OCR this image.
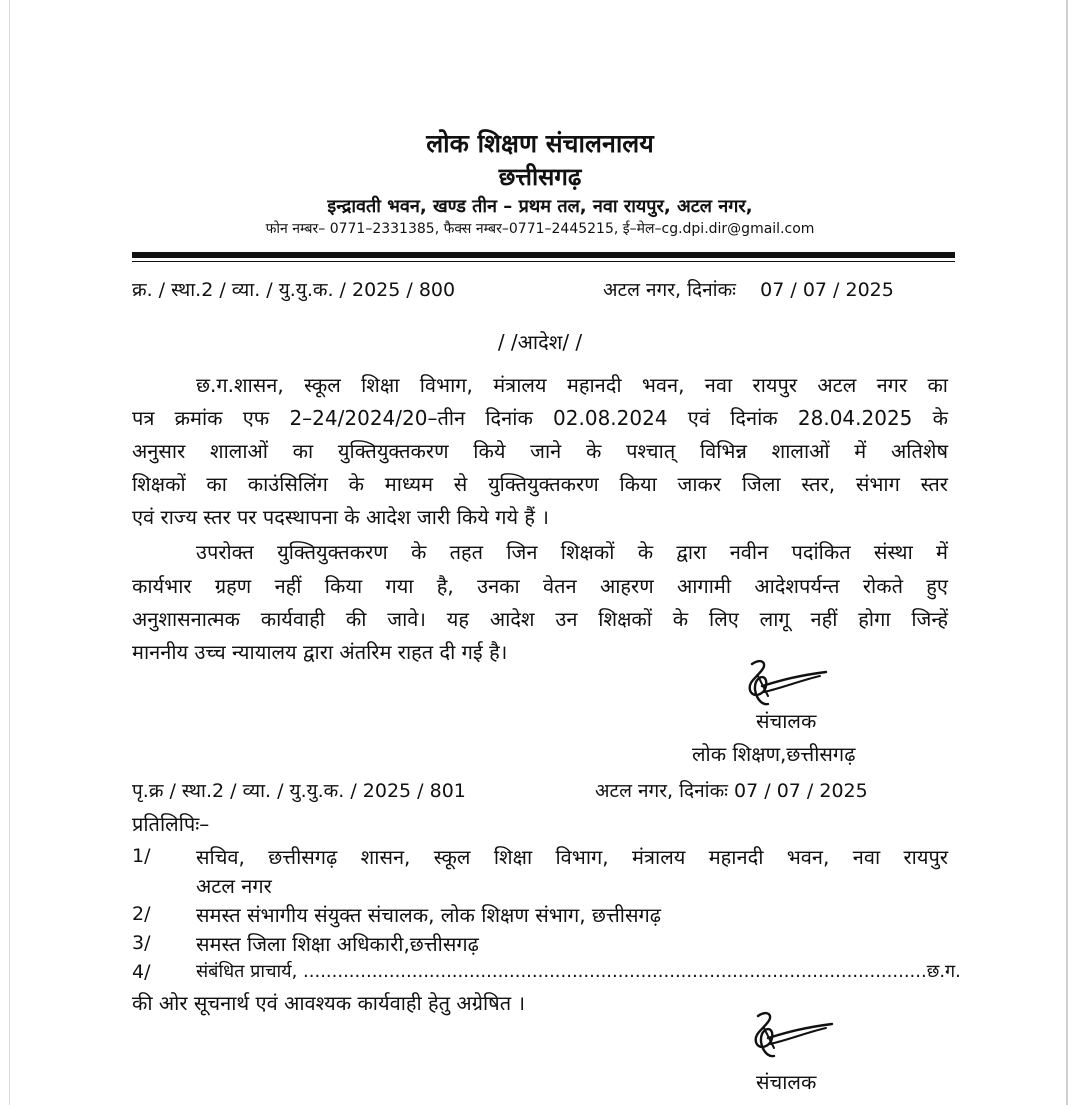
लोक शिक्षण संचालनालय
छत्तीसगढ़
इन्द्रावती भवन, खण्ड तीन – प्रथम तल, नवा रायपुर, अटल नगर,
फोन नम्बर– 0771–2331385, फैक्स नम्बर–0771–2445215, ई–मेल–cg.dpi.dir@gmail.com
क्र. / स्था.2 / व्या. / यु.यु.क. / 2025 / 800	अटल नगर, दिनांकः    07 / 07 / 2025
/ /आदेश/ /
छ.ग.शासन, स्कूल शिक्षा विभाग, मंत्रालय महानदी भवन, नवा रायपुर अटल नगर का
पत्र क्रमांक एफ 2–24/2024/20–तीन दिनांक 02.08.2024 एवं दिनांक 28.04.2025 के
अनुसार शालाओं का युक्तियुक्तकरण किये जाने के पश्चात् विभिन्न शालाओं में अतिशेष
शिक्षकों का काउंसिलिंग के माध्यम से युक्तियुक्तकरण किया जाकर जिला स्तर, संभाग स्तर
एवं राज्य स्तर पर पदस्थापना के आदेश जारी किये गये हैं ।
उपरोक्त युक्तियुक्तकरण के तहत जिन शिक्षकों के द्वारा नवीन पदांकित संस्था में
कार्यभार ग्रहण नहीं किया गया है, उनका वेतन आहरण आगामी आदेशपर्यन्त रोकते हुए
अनुशासनात्मक कार्यवाही की जावे। यह आदेश उन शिक्षकों के लिए लागू नहीं होगा जिन्हें
माननीय उच्च न्यायालय द्वारा अंतरिम राहत दी गई है।
संचालक
लोक शिक्षण,छत्तीसगढ़
पृ.क्र / स्था.2 / व्या. / यु.यु.क. / 2025 / 801	अटल नगर, दिनांकः 07 / 07 / 2025
प्रतिलिपिः–
1/ सचिव, छत्तीसगढ़ शासन, स्कूल शिक्षा विभाग, मंत्रालय महानदी भवन, नवा रायपुर
अटल नगर
2/ समस्त संभागीय संयुक्त संचालक, लोक शिक्षण संभाग, छत्तीसगढ़
3/ समस्त जिला शिक्षा अधिकारी,छत्तीसगढ़
4/	संबंधित प्राचार्य, .............................................................................................................छ.ग.
की ओर सूचनार्थ एवं आवश्यक कार्यवाही हेतु अग्रेषित ।
संचालक
